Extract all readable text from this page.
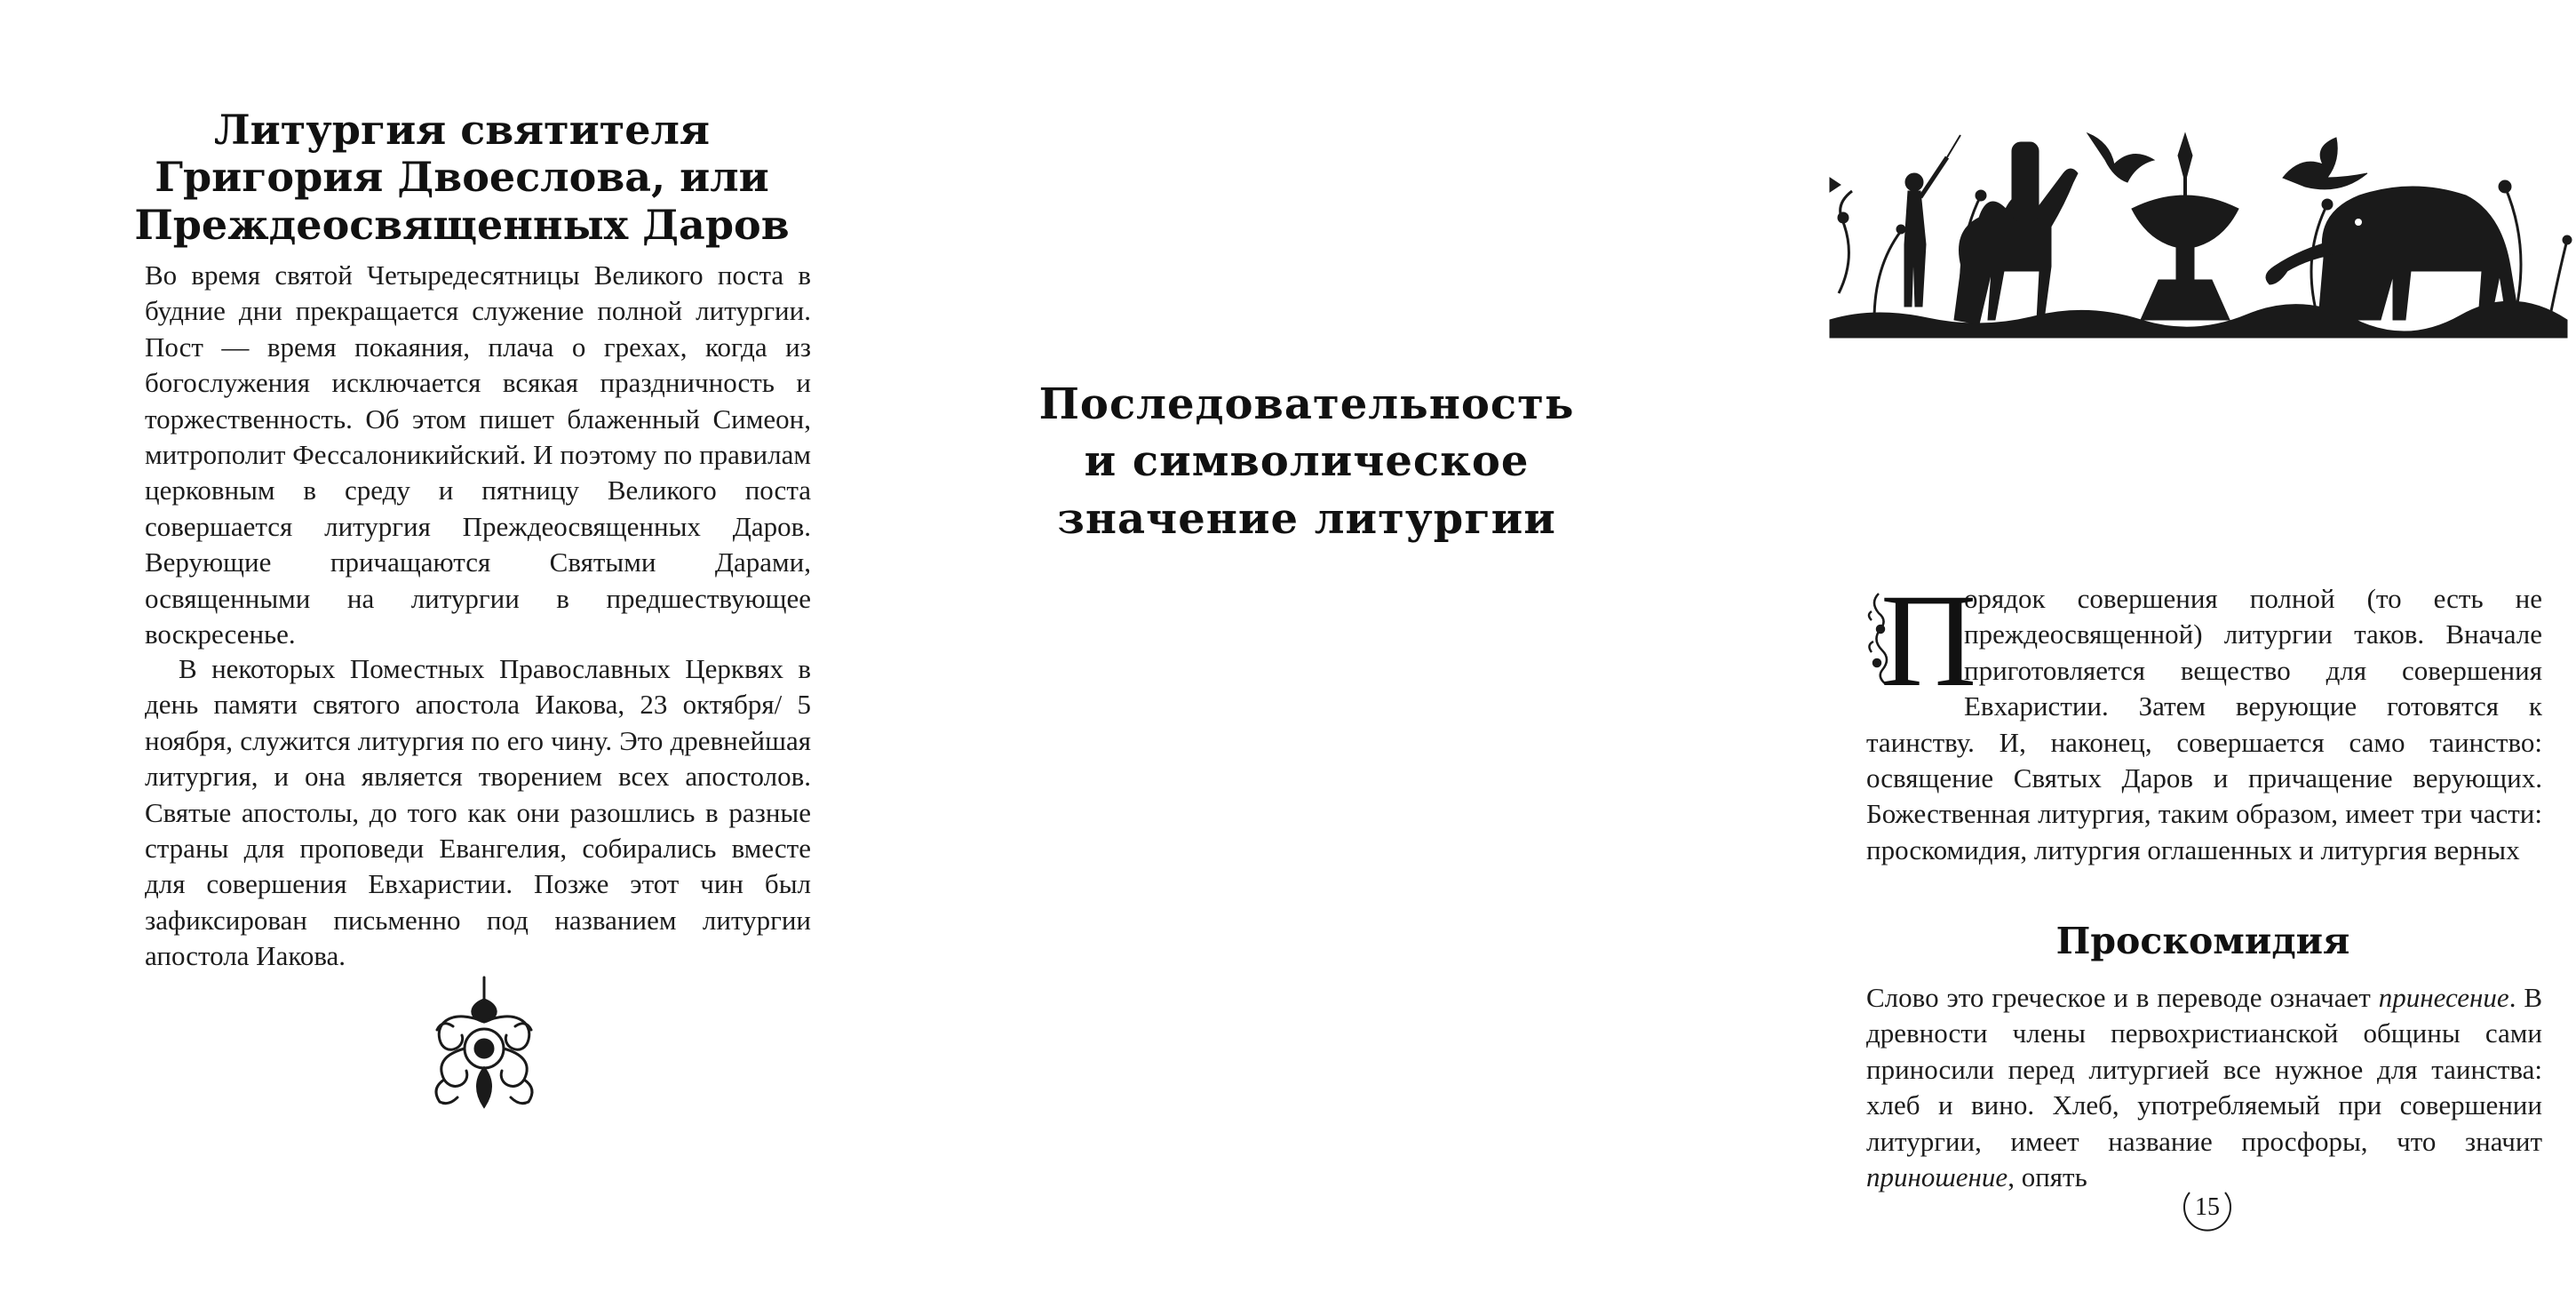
Литургия святителя
Григория Двоеслова, или
Преждеосвященных Даров

Во время святой Четыредесятницы Великого поста в будние дни прекращается служение полной литургии. Пост — время покаяния, плача о грехах, когда из богослужения исключается всякая праздничность и торжественность. Об этом пишет блаженный Симеон, митрополит Фессалоникийский. И поэтому по правилам церковным в среду и пятницу Великого поста совершается литургия Преждеосвященных Даров. Верующие причащаются Святыми Дарами, освященными на литургии в предшествующее воскресенье.

В некоторых Поместных Православных Церквях в день памяти святого апостола Иакова, 23 октября/ 5 ноября, служится литургия по его чину. Это древнейшая литургия, и она является творением всех апостолов. Святые апостолы, до того как они разошлись в разные страны для проповеди Евангелия, собирались вместе для совершения Евхаристии. Позже этот чин был зафиксирован письменно под названием литургии апостола Иакова.

Последовательность
и символическое
значение литургии
П

орядок совершения полной (то есть не преждеосвященной) литургии таков. Вначале приготовляется вещество для совершения Евхаристии. Затем верующие готовятся к таинству. И, наконец, совершается само таинство: освящение Святых Даров и причащение верующих. Божественная литургия, таким образом, имеет три части: проскомидия, литургия оглашенных и литургия верных

Проскомидия

Слово это греческое и в переводе означает принесение. В древности члены первохристианской общины сами приносили перед литургией все нужное для таинства: хлеб и вино. Хлеб, употребляемый при совершении литургии, имеет название просфоры, что значит приношение, опять

15
